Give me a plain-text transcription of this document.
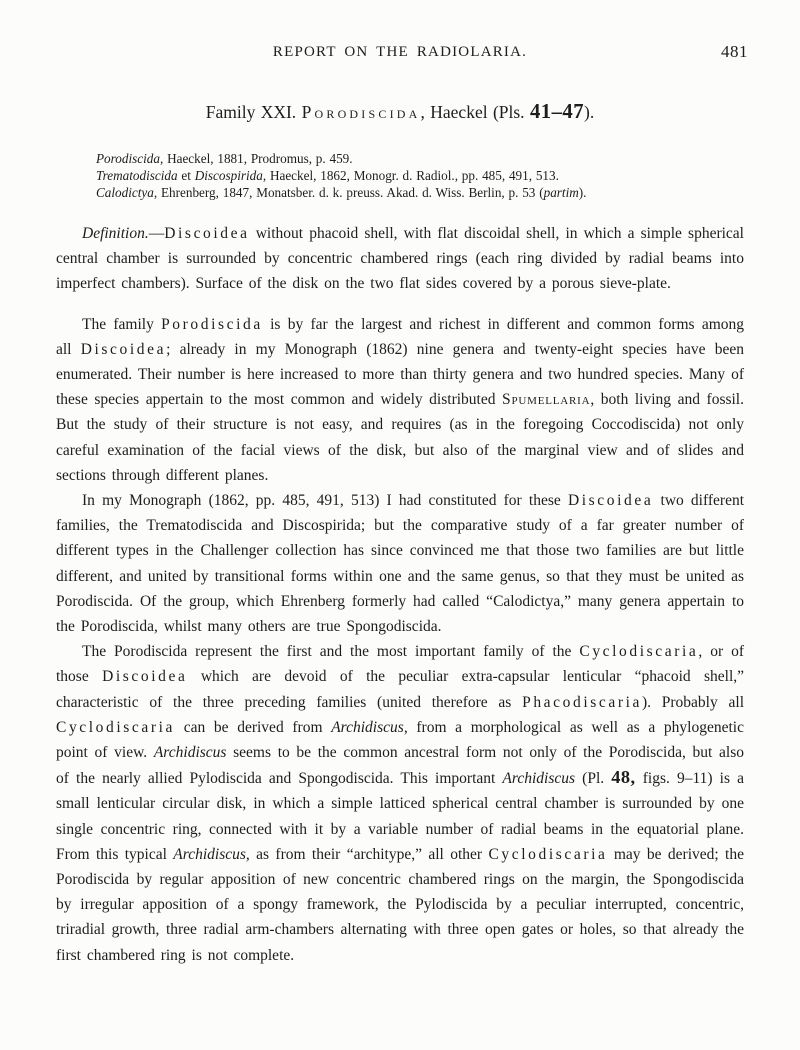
REPORT ON THE RADIOLARIA.	481
Family XXI. Porodiscida, Haeckel (Pls. 41–47).
Porodiscida, Haeckel, 1881, Prodromus, p. 459.
Trematodiscida et Discospirida, Haeckel, 1862, Monogr. d. Radiol., pp. 485, 491, 513.
Calodictya, Ehrenberg, 1847, Monatsber. d. k. preuss. Akad. d. Wiss. Berlin, p. 53 (partim).

Definition.—Discoidea without phacoid shell, with flat discoidal shell, in which a simple spherical central chamber is surrounded by concentric chambered rings (each ring divided by radial beams into imperfect chambers). Surface of the disk on the two flat sides covered by a porous sieve-plate.

The family Porodiscida is by far the largest and richest in different and common forms among all Discoidea; already in my Monograph (1862) nine genera and twenty-eight species have been enumerated. Their number is here increased to more than thirty genera and two hundred species. Many of these species appertain to the most common and widely distributed Spumellaria, both living and fossil. But the study of their structure is not easy, and requires (as in the foregoing Coccodiscida) not only careful examination of the facial views of the disk, but also of the marginal view and of slides and sections through different planes.

In my Monograph (1862, pp. 485, 491, 513) I had constituted for these Discoidea two different families, the Trematodiscida and Discospirida; but the comparative study of a far greater number of different types in the Challenger collection has since convinced me that those two families are but little different, and united by transitional forms within one and the same genus, so that they must be united as Porodiscida. Of the group, which Ehrenberg formerly had called “Calodictya,” many genera appertain to the Porodiscida, whilst many others are true Spongodiscida.

The Porodiscida represent the first and the most important family of the Cyclodiscaria, or of those Discoidea which are devoid of the peculiar extra-capsular lenticular “phacoid shell,” characteristic of the three preceding families (united therefore as Phacodiscaria). Probably all Cyclodiscaria can be derived from Archidiscus, from a morphological as well as a phylogenetic point of view. Archidiscus seems to be the common ancestral form not only of the Porodiscida, but also of the nearly allied Pylodiscida and Spongodiscida. This important Archidiscus (Pl. 48, figs. 9–11) is a small lenticular circular disk, in which a simple latticed spherical central chamber is surrounded by one single concentric ring, connected with it by a variable number of radial beams in the equatorial plane. From this typical Archidiscus, as from their “architype,” all other Cyclodiscaria may be derived; the Porodiscida by regular apposition of new concentric chambered rings on the margin, the Spongodiscida by irregular apposition of a spongy framework, the Pylodiscida by a peculiar interrupted, concentric, triradial growth, three radial arm-chambers alternating with three open gates or holes, so that already the first chambered ring is not complete.
